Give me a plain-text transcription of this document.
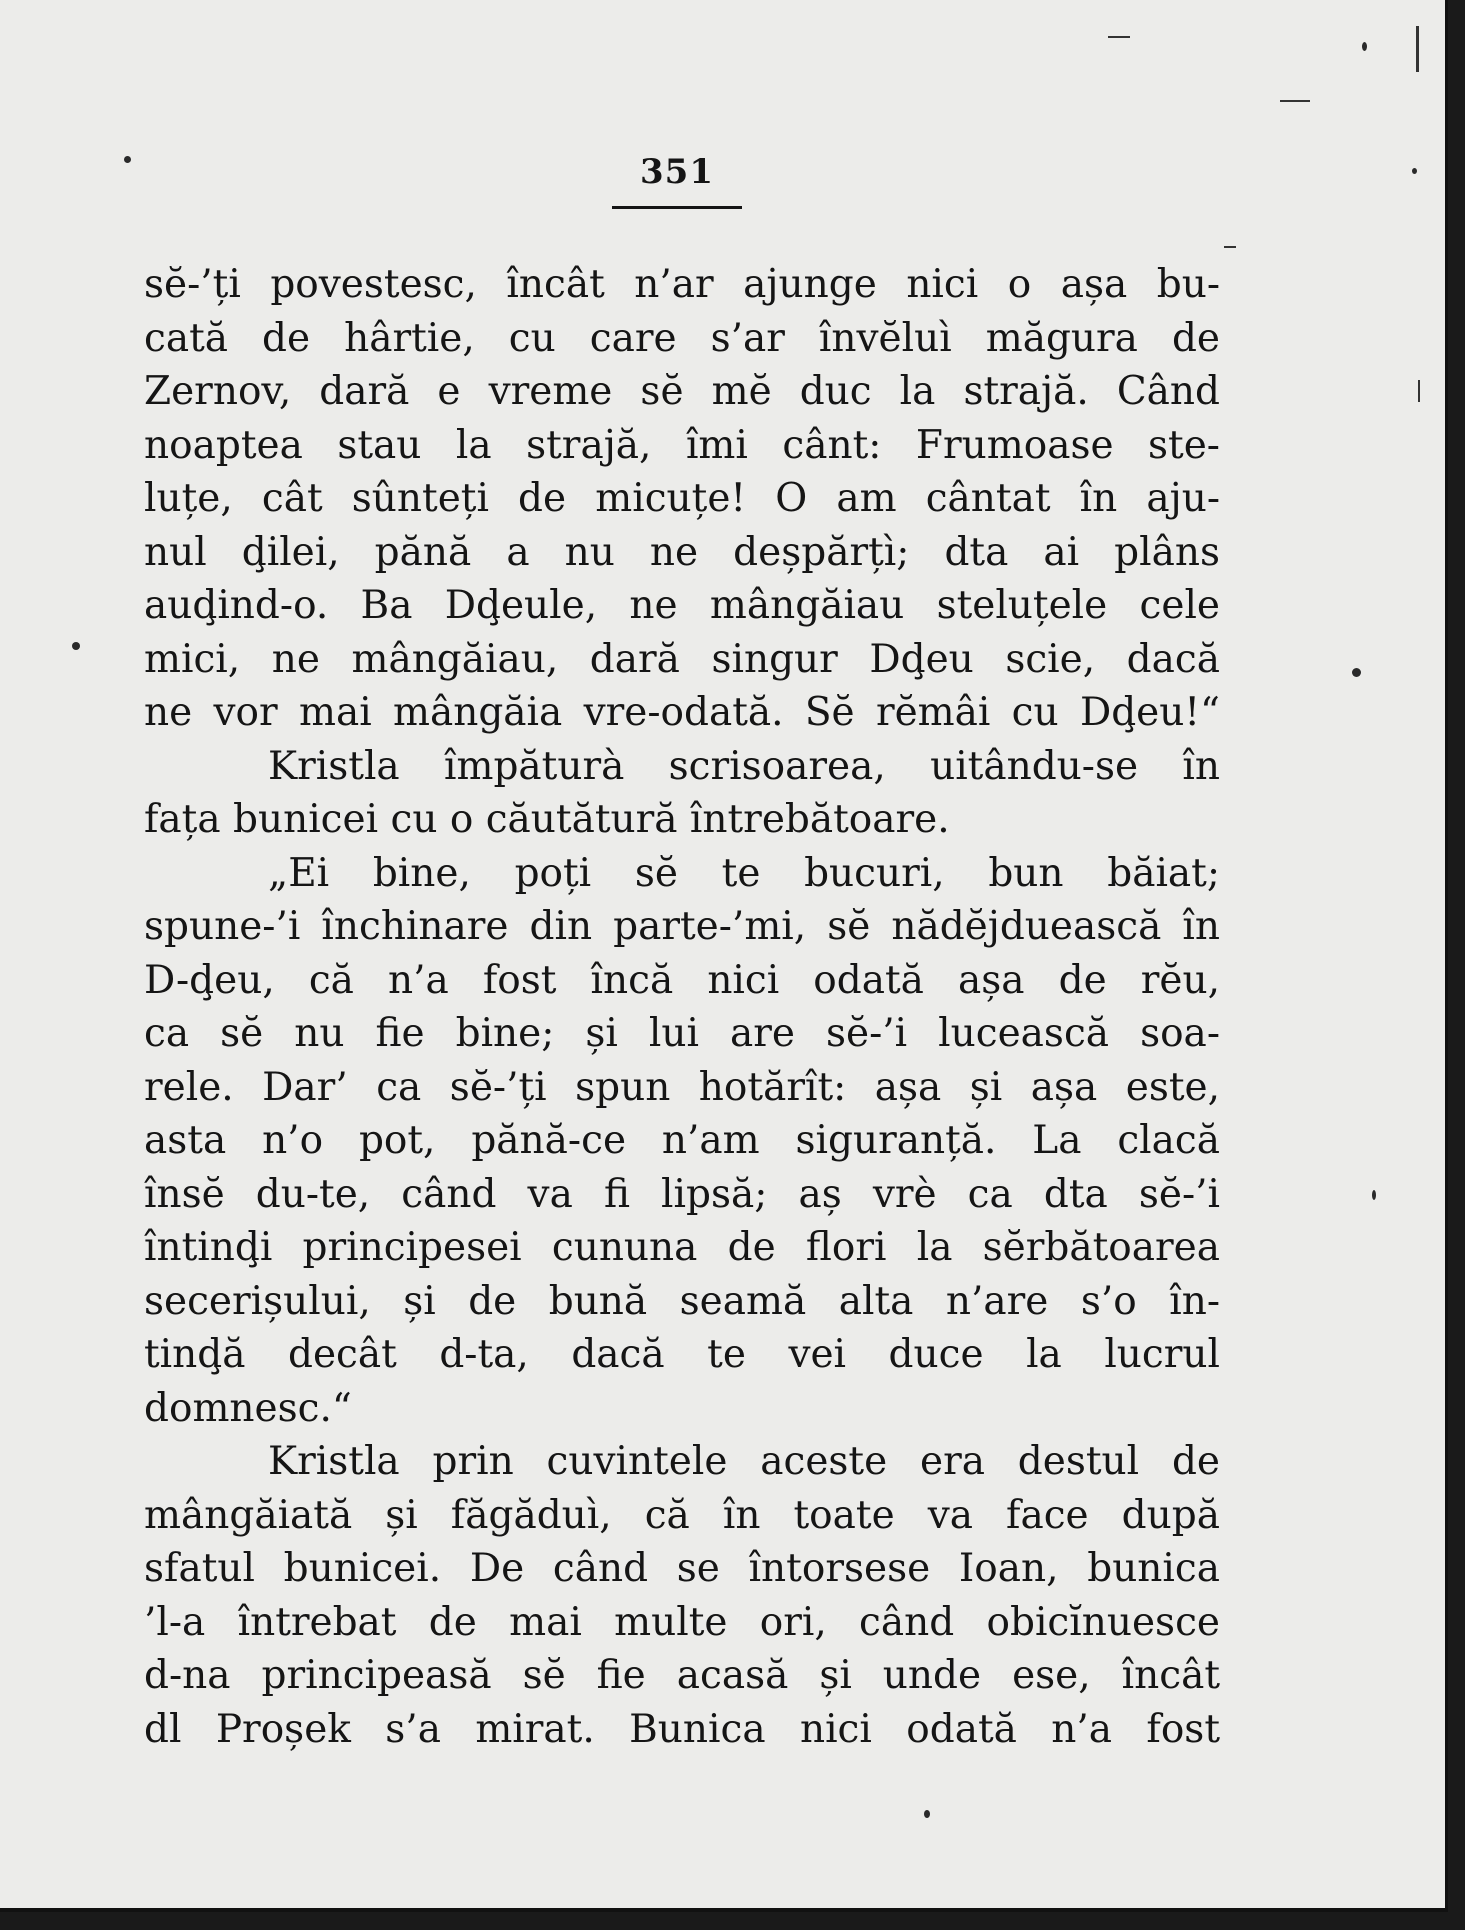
351
sĕ-’ți povestesc, încât n’ar ajunge nici o așa bu-
cată de hârtie, cu care s’ar învĕluì măgura de
Zernov, dară e vreme sĕ mĕ duc la strajă. Când
noaptea stau la strajă, îmi cânt: Frumoase ste-
luțe, cât sûnteți de micuțe! O am cântat în aju-
nul ḑilei, pănă a nu ne deșpărțì; dta ai plâns
auḑind-o. Ba Dḑeule, ne mângăiau steluțele cele
mici, ne mângăiau, dară singur Dḑeu scie, dacă
ne vor mai mângăia vre-odată. Sĕ rĕmâi cu Dḑeu!“
Kristla împăturà scrisoarea, uitându-se în
fața bunicei cu o căutătură întrebătoare.
„Ei bine, poți sĕ te bucuri, bun băiat;
spune-’i închinare din parte-’mi, sĕ nădĕjduească în
D-ḑeu, că n’a fost încă nici odată așa de rĕu,
ca sĕ nu fie bine; și lui are sĕ-’i lucească soa-
rele. Dar’ ca sĕ-’ți spun hotărît: așa și așa este,
asta n’o pot, pănă-ce n’am siguranță. La clacă
însĕ du-te, când va fi lipsă; aș vrè ca dta sĕ-’i
întinḑi principesei cununa de flori la sĕrbătoarea
secerișului, și de bună seamă alta n’are s’o în-
tinḑă decât d-ta, dacă te vei duce la lucrul
domnesc.“
Kristla prin cuvintele aceste era destul de
mângăiată și făgăduì, că în toate va face după
sfatul bunicei. De când se întorsese Ioan, bunica
’l-a întrebat de mai multe ori, când obicĭnuesce
d-na principeasă sĕ fie acasă și unde ese, încât
dl Proșek s’a mirat. Bunica nici odată n’a fost
